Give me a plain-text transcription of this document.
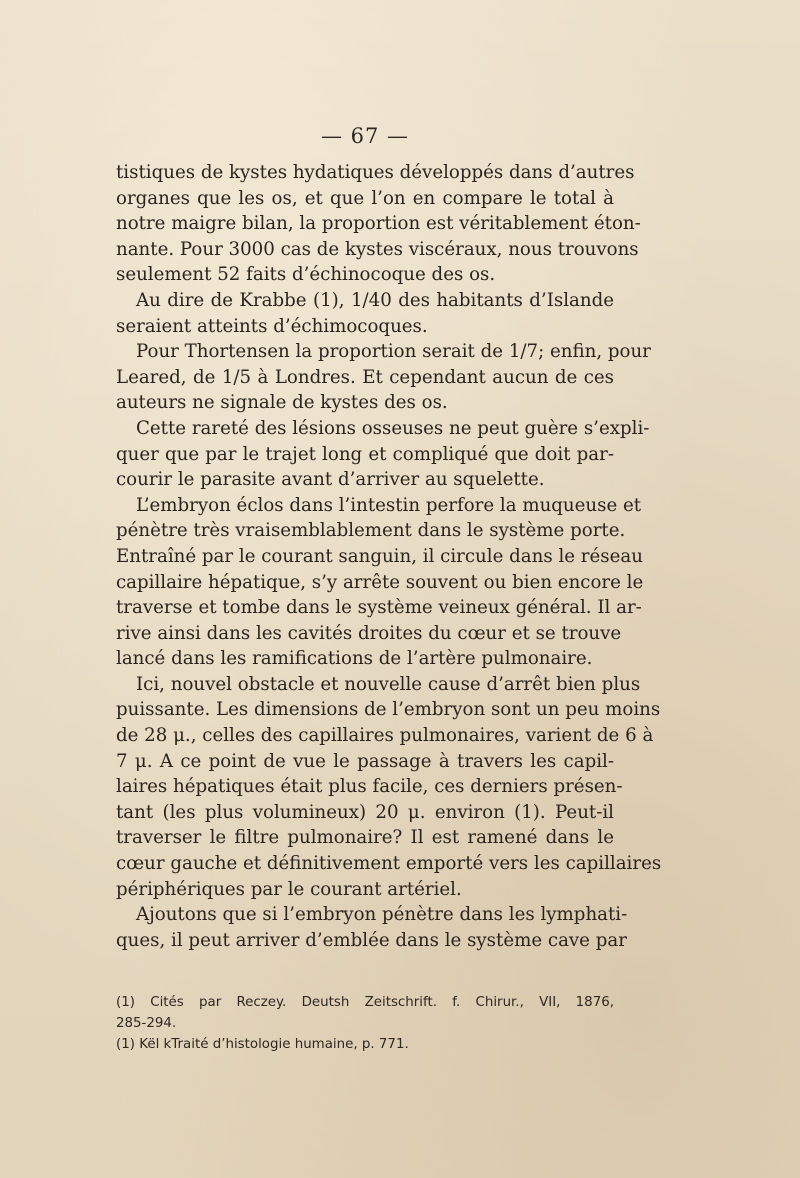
— 67 —
tistiques de kystes hydatiques développés dans d’autres
organes que les os, et que l’on en compare le total à
notre maigre bilan, la proportion est véritablement éton-
nante. Pour 3000 cas de kystes viscéraux, nous trouvons
seulement 52 faits d’échinocoque des os.
Au dire de Krabbe (1), 1/40 des habitants d’Islande
seraient atteints d’échimocoques.
Pour Thortensen la proportion serait de 1/7; enfin, pour
Leared, de 1/5 à Londres. Et cependant aucun de ces
auteurs ne signale de kystes des os.
Cette rareté des lésions osseuses ne peut guère s’expli-
quer que par le trajet long et compliqué que doit par-
courir le parasite avant d’arriver au squelette.
L’embryon éclos dans l’intestin perfore la muqueuse et
pénètre très vraisemblablement dans le système porte.
Entraîné par le courant sanguin, il circule dans le réseau
capillaire hépatique, s’y arrête souvent ou bien encore le
traverse et tombe dans le système veineux général. Il ar-
rive ainsi dans les cavités droites du cœur et se trouve
lancé dans les ramifications de l’artère pulmonaire.
Ici, nouvel obstacle et nouvelle cause d’arrêt bien plus
puissante. Les dimensions de l’embryon sont un peu moins
de 28 μ., celles des capillaires pulmonaires, varient de 6 à
7 μ. A ce point de vue le passage à travers les capil-
laires hépatiques était plus facile, ces derniers présen-
tant (les plus volumineux) 20 μ. environ (1). Peut-il
traverser le filtre pulmonaire? Il est ramené dans le
cœur gauche et définitivement emporté vers les capillaires
périphériques par le courant artériel.
Ajoutons que si l’embryon pénètre dans les lymphati-
ques, il peut arriver d’emblée dans le système cave par
(1) Cités par Reczey. Deutsh Zeitschrift. f. Chirur., VII, 1876,
285-294.
(1) Kël kTraité d’histologie humaine, p. 771.
